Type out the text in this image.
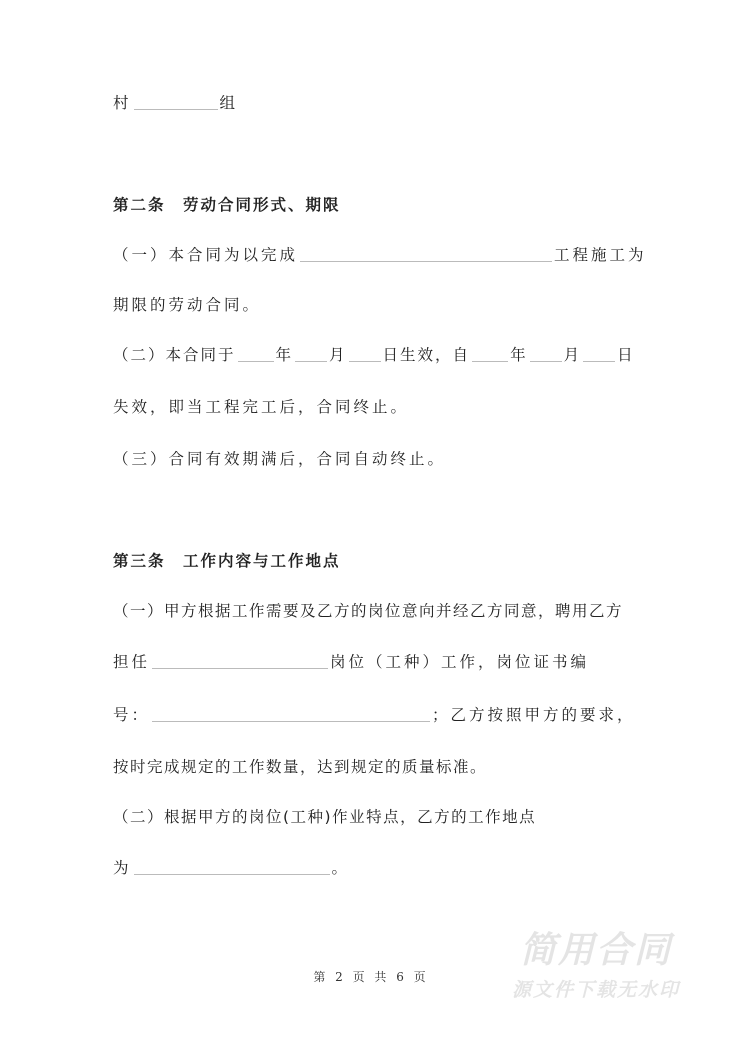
村	组
第二条　劳动合同形式、期限
（一）本合同为以完成	工程施工为
期限的劳动合同。
（二）本合同于	年 月 日生效，自	年 月 日
失效，即当工程完工后，合同终止。
（三）合同有效期满后，合同自动终止。
第三条　工作内容与工作地点
（一）甲方根据工作需要及乙方的岗位意向并经乙方同意，聘用乙方
担任	岗位（工种）工作，岗位证书编
号：	；乙方按照甲方的要求，
按时完成规定的工作数量，达到规定的质量标准。
（二）根据甲方的岗位(工种)作业特点，乙方的工作地点
为	。
简用合同
源文件下载无水印
第 2 页 共 6 页
